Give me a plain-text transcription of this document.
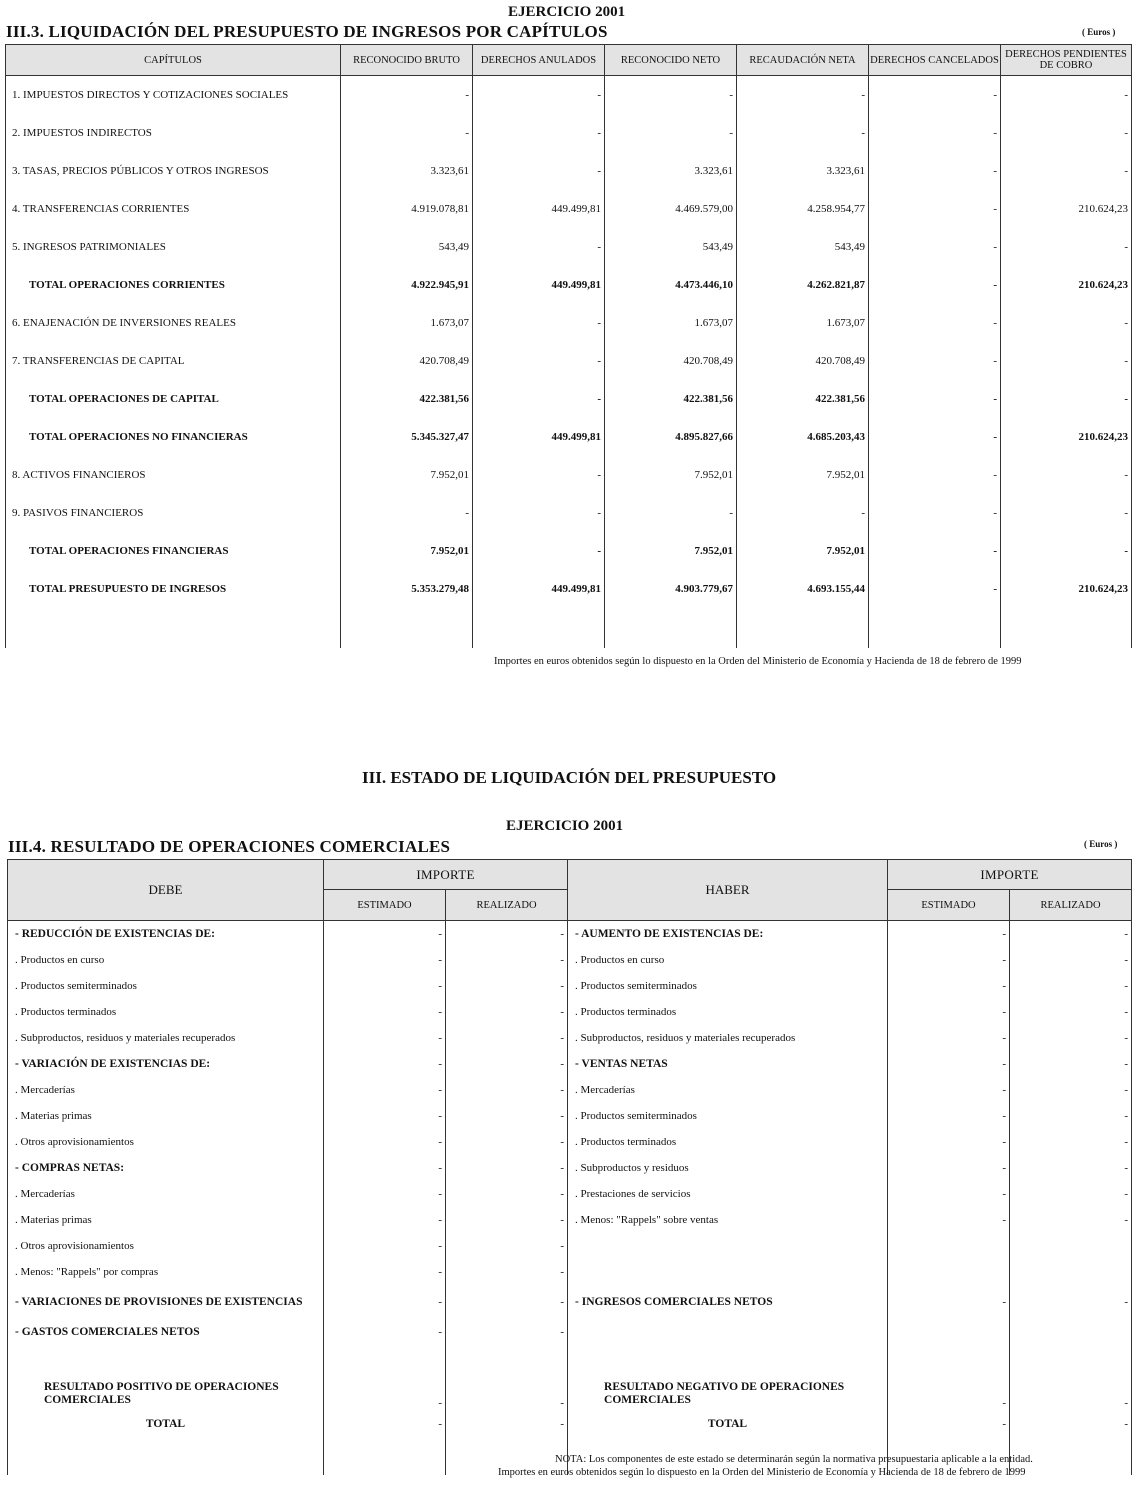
EJERCICIO 2001
III.3. LIQUIDACIÓN DEL PRESUPUESTO DE INGRESOS POR CAPÍTULOS	( Euros )
CAPÍTULOS	RECONOCIDO BRUTO	DERECHOS ANULADOS	RECONOCIDO NETO	RECAUDACIÓN NETA	DERECHOS CANCELADOS	DERECHOS PENDIENTES DE COBRO
1. IMPUESTOS DIRECTOS Y COTIZACIONES SOCIALES	-	-	-	-	-	-
2. IMPUESTOS INDIRECTOS	-	-	-	-	-	-
3. TASAS, PRECIOS PÚBLICOS Y OTROS INGRESOS	3.323,61	-	3.323,61	3.323,61	-	-
4. TRANSFERENCIAS CORRIENTES	4.919.078,81	449.499,81	4.469.579,00	4.258.954,77	-	210.624,23
5. INGRESOS PATRIMONIALES	543,49	-	543,49	543,49	-	-
TOTAL OPERACIONES CORRIENTES	4.922.945,91	449.499,81	4.473.446,10	4.262.821,87	-	210.624,23
6. ENAJENACIÓN DE INVERSIONES REALES	1.673,07	-	1.673,07	1.673,07	-	-
7. TRANSFERENCIAS DE CAPITAL	420.708,49	-	420.708,49	420.708,49	-	-
TOTAL OPERACIONES DE CAPITAL	422.381,56	-	422.381,56	422.381,56	-	-
TOTAL OPERACIONES NO FINANCIERAS	5.345.327,47	449.499,81	4.895.827,66	4.685.203,43	-	210.624,23
8. ACTIVOS FINANCIEROS	7.952,01	-	7.952,01	7.952,01	-	-
9. PASIVOS FINANCIEROS	-	-	-	-	-	-
TOTAL OPERACIONES FINANCIERAS	7.952,01	-	7.952,01	7.952,01	-	-
TOTAL PRESUPUESTO DE INGRESOS	5.353.279,48	449.499,81	4.903.779,67	4.693.155,44	-	210.624,23

Importes en euros obtenidos según lo dispuesto en la Orden del Ministerio de Economía y Hacienda de 18 de febrero de 1999
III. ESTADO DE LIQUIDACIÓN DEL PRESUPUESTO
EJERCICIO 2001
III.4. RESULTADO DE OPERACIONES COMERCIALES	( Euros )
DEBE	IMPORTE		HABER	IMPORTE	
	ESTIMADO	REALIZADO		ESTIMADO	REALIZADO
- REDUCCIÓN DE EXISTENCIAS DE:	-	-	- AUMENTO DE EXISTENCIAS DE:	-	-
. Productos en curso	-	-	. Productos en curso	-	-
. Productos semiterminados	-	-	. Productos semiterminados	-	-
. Productos terminados	-	-	. Productos terminados	-	-
. Subproductos, residuos y materiales recuperados	-	-	. Subproductos, residuos y materiales recuperados	-	-
- VARIACIÓN DE EXISTENCIAS DE:	-	-	- VENTAS NETAS	-	-
. Mercaderías	-	-	. Mercaderías	-	-
. Materias primas	-	-	. Productos semiterminados	-	-
. Otros aprovisionamientos	-	-	. Productos terminados	-	-
- COMPRAS NETAS:	-	-	. Subproductos y residuos	-	-
. Mercaderías	-	-	. Prestaciones de servicios	-	-
. Materias primas	-	-	. Menos: "Rappels" sobre ventas	-	-
. Otros aprovisionamientos	-	-			
. Menos: "Rappels" por compras	-	-			
- VARIACIONES DE PROVISIONES DE EXISTENCIAS	-	-	- INGRESOS COMERCIALES NETOS	-	-
- GASTOS COMERCIALES NETOS	-	-			
RESULTADO POSITIVO DE OPERACIONES COMERCIALES	-	-	RESULTADO NEGATIVO DE OPERACIONES COMERCIALES	-	-
TOTAL	-	-	TOTAL	-	-

NOTA: Los componentes de este estado se determinarán según la normativa presupuestaria aplicable a la entidad.
Importes en euros obtenidos según lo dispuesto en la Orden del Ministerio de Economía y Hacienda de 18 de febrero de 1999
